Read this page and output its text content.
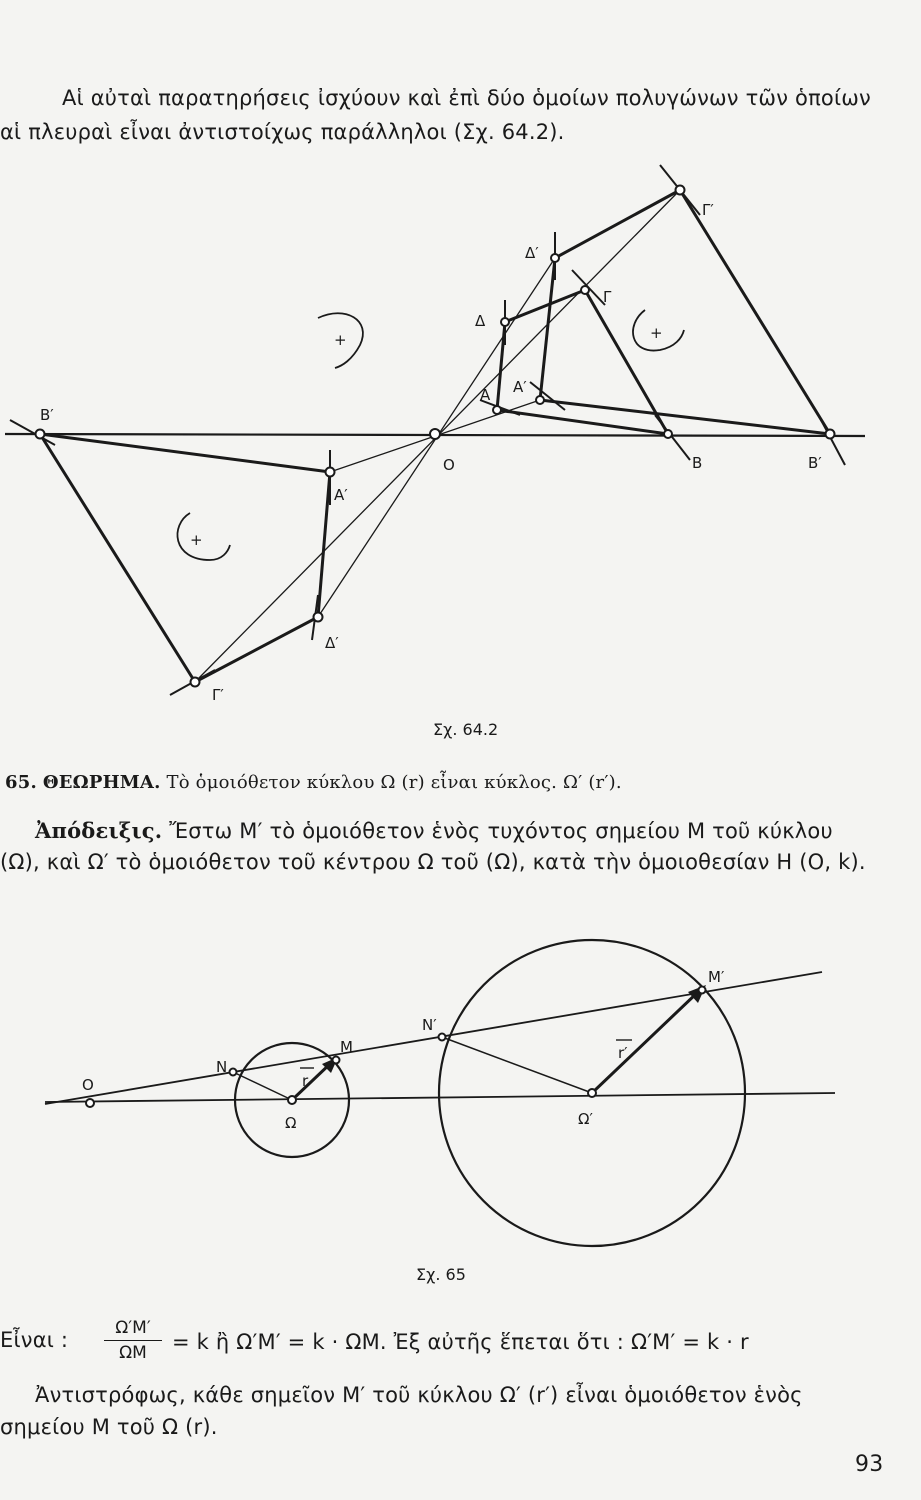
Αἱ αὐταὶ παρατηρήσεις ἰσχύουν καὶ ἐπὶ δύο ὁμοίων πολυγώνων τῶν ὁποίων
αἱ πλευραὶ εἶναι ἀντιστοίχως παράλληλοι (Σχ. 64.2).
O
A
B
Γ
Δ
A′
B′
Γ′
Δ′
A′
B′
Γ′
Δ′
+
+
+
Σχ. 64.2
65. ΘΕΩΡΗΜΑ. Τὸ ὁμοιόθετον κύκλου Ω (r) εἶναι κύκλος. Ω′ (r′).
Ἀπόδειξις. Ἔστω Μ′ τὸ ὁμοιόθετον ἑνὸς τυχόντος σημείου Μ τοῦ κύκλου
(Ω), καὶ Ω′ τὸ ὁμοιόθετον τοῦ κέντρου Ω τοῦ (Ω), κατὰ τὴν ὁμοιοθεσίαν Η (Ο, k).
O
N
M
Ω
r
N′
M′
Ω′
r′
Σχ. 65
Εἶναι :	Ω′Μ′
ΩΜ	= k ἢ Ω′Μ′ = k · ΩΜ. Ἐξ αὐτῆς ἕπεται ὅτι : Ω′Μ′ = k · r
Ἀντιστρόφως, κάθε σημεῖον Μ′ τοῦ κύκλου Ω′ (r′) εἶναι ὁμοιόθετον ἑνὸς
σημείου Μ τοῦ Ω (r).
93
